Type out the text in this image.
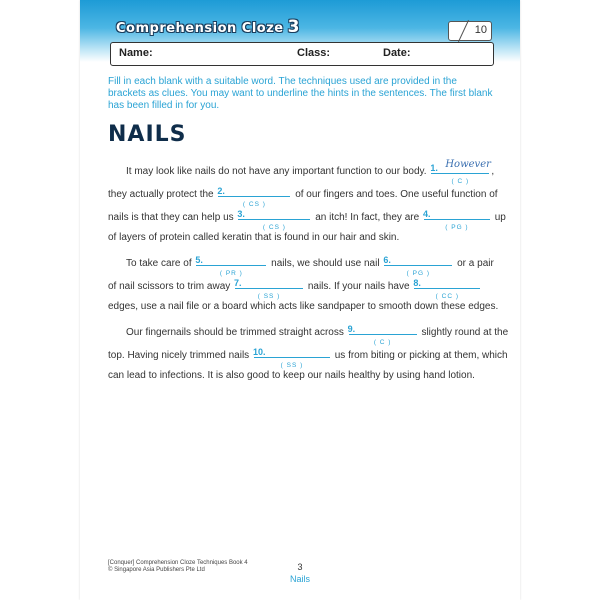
Comprehension Cloze 3	10
Name:	Class:	Date:
Fill in each blank with a suitable word. The techniques used are provided in the brackets as clues. You may want to underline the hints in the sentences. The first blank has been filled in for you.
NAILS
It may look like nails do not have any important function to our body. 1. However
( C )
,
they actually protect the 2.
( CS )
of our fingers and toes. One useful function of
nails is that they can help us 3.
( CS )
an itch! In fact, they are 4.
( PG )
up
of layers of protein called keratin that is found in our hair and skin.
To take care of 5.
( PR )
nails, we should use nail 6.
( PG )
or a pair
of nail scissors to trim away 7.
( SS )
nails. If your nails have 8.
( CC )
edges, use a nail file or a board which acts like sandpaper to smooth down these edges.
Our fingernails should be trimmed straight across 9.
( C )
slightly round at the
top. Having nicely trimmed nails 10.
( SS )
us from biting or picking at them, which
can lead to infections. It is also good to keep our nails healthy by using hand lotion.
[Conquer] Comprehension Cloze Techniques Book 4
© Singapore Asia Publishers Pte Ltd	3
Nails
